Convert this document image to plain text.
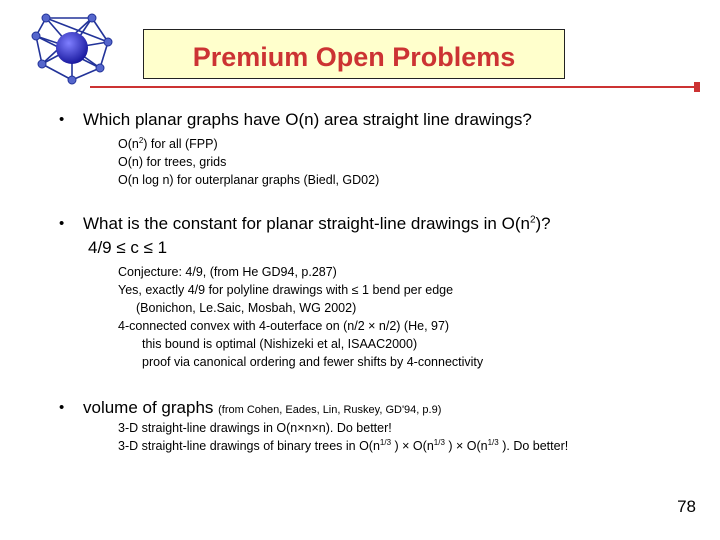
Premium Open Problems
• Which planar graphs have O(n) area straight line drawings?
$O(n^2)$ for all (FPP)
O(n) for trees, grids
O(n log n) for outerplanar graphs (Biedl, GD02)
• What is the constant for planar straight-line drawings in $O(n^2)$?
4/9 ≤ c ≤ 1
Conjecture: 4/9, (from He GD94, p.287)
Yes, exactly 4/9 for polyline drawings with ≤ 1 bend per edge
(Bonichon, Le.Saic, Mosbah, WG 2002)
4-connected convex with 4-outerface on (n/2 × n/2) (He, 97)
this bound is optimal (Nishizeki et al, ISAAC2000)
proof via canonical ordering and fewer shifts by 4-connectivity
• volume of graphs (from Cohen, Eades, Lin, Ruskey, GD'94, p.9)
3-D straight-line drawings in O(n×n×n). Do better!
3-D straight-line drawings of binary trees in $O(n^{1/3}$ ) × $O(n^{1/3}$ ) × $O(n^{1/3}$ ). Do better!
78
